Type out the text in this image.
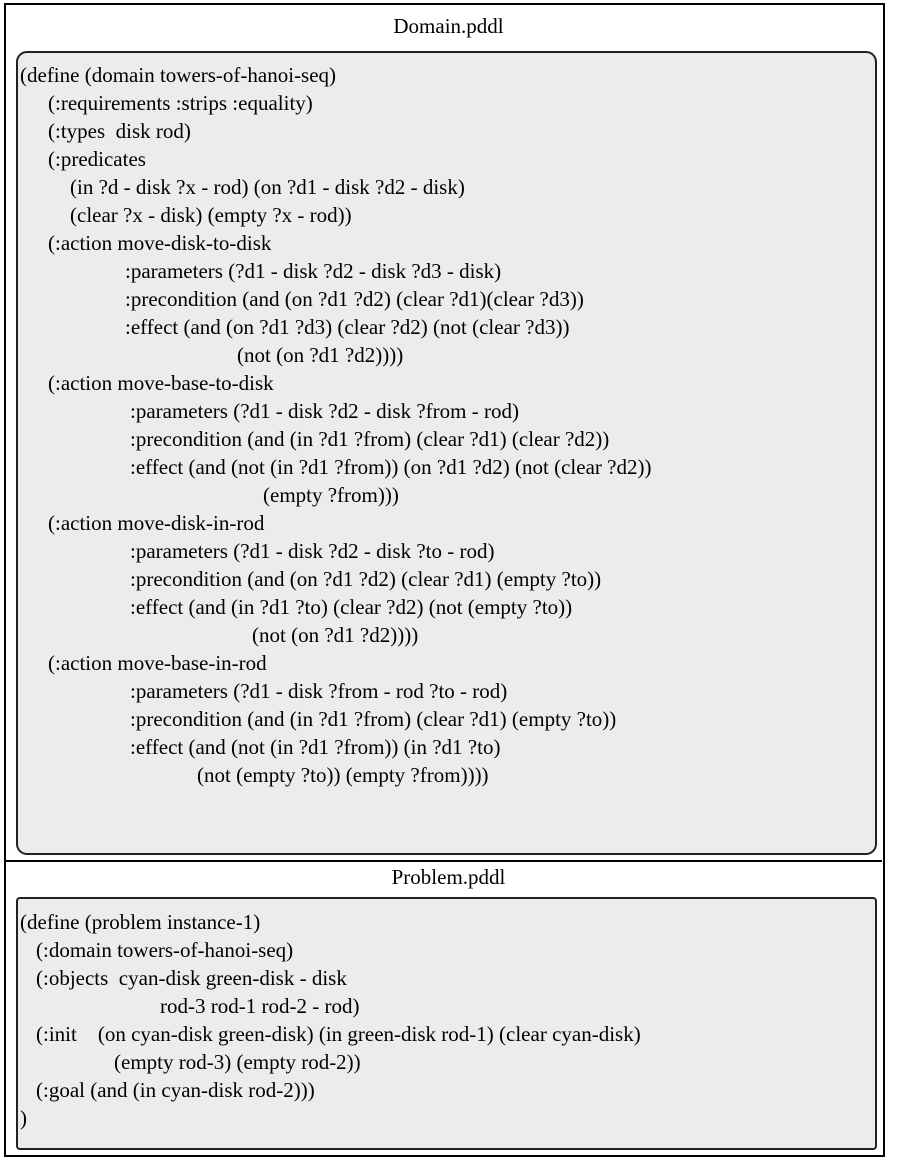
Domain.pddl
(define (domain towers-of-hanoi-seq)
(:requirements :strips :equality)
(:types  disk rod)
(:predicates
(in ?d - disk ?x - rod) (on ?d1 - disk ?d2 - disk)
(clear ?x - disk) (empty ?x - rod))
(:action move-disk-to-disk
:parameters (?d1 - disk ?d2 - disk ?d3 - disk)
:precondition (and (on ?d1 ?d2) (clear ?d1)(clear ?d3))
:effect (and (on ?d1 ?d3) (clear ?d2) (not (clear ?d3))
(not (on ?d1 ?d2))))
(:action move-base-to-disk
:parameters (?d1 - disk ?d2 - disk ?from - rod)
:precondition (and (in ?d1 ?from) (clear ?d1) (clear ?d2))
:effect (and (not (in ?d1 ?from)) (on ?d1 ?d2) (not (clear ?d2))
(empty ?from)))
(:action move-disk-in-rod
:parameters (?d1 - disk ?d2 - disk ?to - rod)
:precondition (and (on ?d1 ?d2) (clear ?d1) (empty ?to))
:effect (and (in ?d1 ?to) (clear ?d2) (not (empty ?to))
(not (on ?d1 ?d2))))
(:action move-base-in-rod
:parameters (?d1 - disk ?from - rod ?to - rod)
:precondition (and (in ?d1 ?from) (clear ?d1) (empty ?to))
:effect (and (not (in ?d1 ?from)) (in ?d1 ?to)
(not (empty ?to)) (empty ?from))))
Problem.pddl
(define (problem instance-1)
(:domain towers-of-hanoi-seq)
(:objects  cyan-disk green-disk - disk
rod-3 rod-1 rod-2 - rod)
(:init    (on cyan-disk green-disk) (in green-disk rod-1) (clear cyan-disk)
(empty rod-3) (empty rod-2))
(:goal (and (in cyan-disk rod-2)))
)
